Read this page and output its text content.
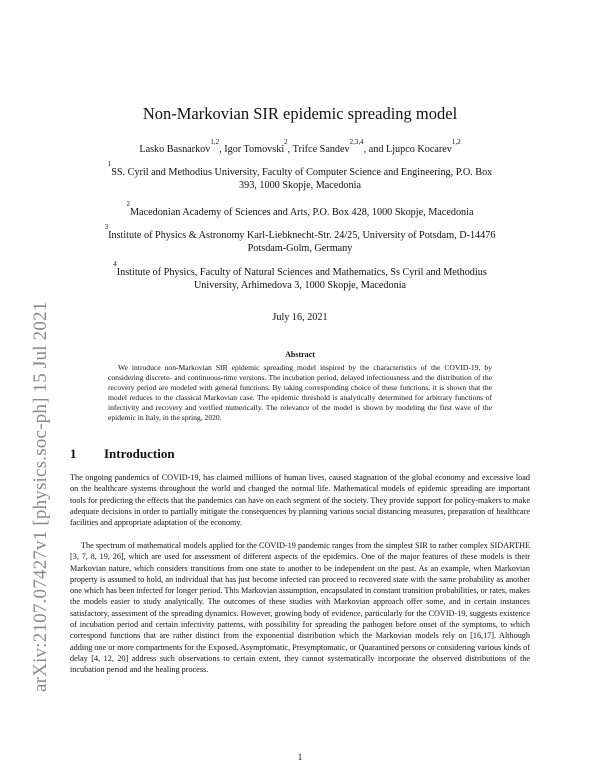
arXiv:2107.07427v1 [physics.soc-ph] 15 Jul 2021
Non-Markovian SIR epidemic spreading model
Lasko Basnarkov$^{1,2}$, Igor Tomovski$^2$, Trifce Sandev$^{2,3,4}$, and Ljupco Kocarev$^{1,2}$
$^1$SS. Cyril and Methodius University, Faculty of Computer Science and Engineering, P.O. Box
393, 1000 Skopje, Macedonia
$^2$Macedonian Academy of Sciences and Arts, P.O. Box 428, 1000 Skopje, Macedonia
$^3$Institute of Physics & Astronomy Karl-Liebknecht-Str. 24/25, University of Potsdam, D-14476
Potsdam-Golm, Germany
$^4$Institute of Physics, Faculty of Natural Sciences and Mathematics, Ss Cyril and Methodius
University, Arhimedova 3, 1000 Skopje, Macedonia
July 16, 2021
Abstract
We introduce non-Markovian SIR epidemic spreading model inspired by the characteristics of the COVID-19, by considering discrete- and continuous-time versions. The incubation period, delayed infectiousness and the distribution of the recovery period are modeled with general functions. By taking corresponding choice of these functions, it is shown that the model reduces to the classical Markovian case. The epidemic threshold is analytically determined for arbitrary functions of infectivity and recovery and verified numerically. The relevance of the model is shown by modeling the first wave of the epidemic in Italy, in the spring, 2020.
1 Introduction
The ongoing pandemics of COVID-19, has claimed millions of human lives, caused stagnation of the global economy and excessive load on the healthcare systems throughout the world and changed the normal life. Mathematical models of epidemic spreading are important tools for predicting the effects that the pandemics can have on each segment of the society. They provide support for policy-makers to make adequate decisions in order to partially mitigate the consequences by planning various social distancing measures, preparation of healthcare facilities and appropriate adaptation of the economy.
The spectrum of mathematical models applied for the COVID-19 pandemic ranges from the simplest SIR to rather complex SIDARTHE [3, 7, 8, 19, 26], which are used for assessment of different aspects of the epidemics. One of the major features of these models is their Markovian nature, which considers transitions from one state to another to be independent on the past. As an example, when Markovian property is assumed to hold, an individual that has just become infected can proceed to recovered state with the same probability as another one which has been infected for longer period. This Markovian assumption, encapsulated in constant transition probabilities, or rates, makes the models easier to study analytically. The outcomes of these studies with Markovian approach offer some, and in certain instances satisfactory, assessment of the spreading dynamics. However, growing body of evidence, particularly for the COVID-19, suggests existence of incubation period and certain infectivity patterns, with possibility for spreading the pathogen before onset of the symptoms, to which correspond functions that are rather distinct from the exponential distribution which the Markovian models rely on [16,17]. Although adding one or more compartments for the Exposed, Asymptomatic, Presymptomatic, or Quarantined persons or considering various kinds of delay [4, 12, 20] address such observations to certain extent, they cannot systematically incorporate the observed distributions of the incubation period and the healing process.
1
